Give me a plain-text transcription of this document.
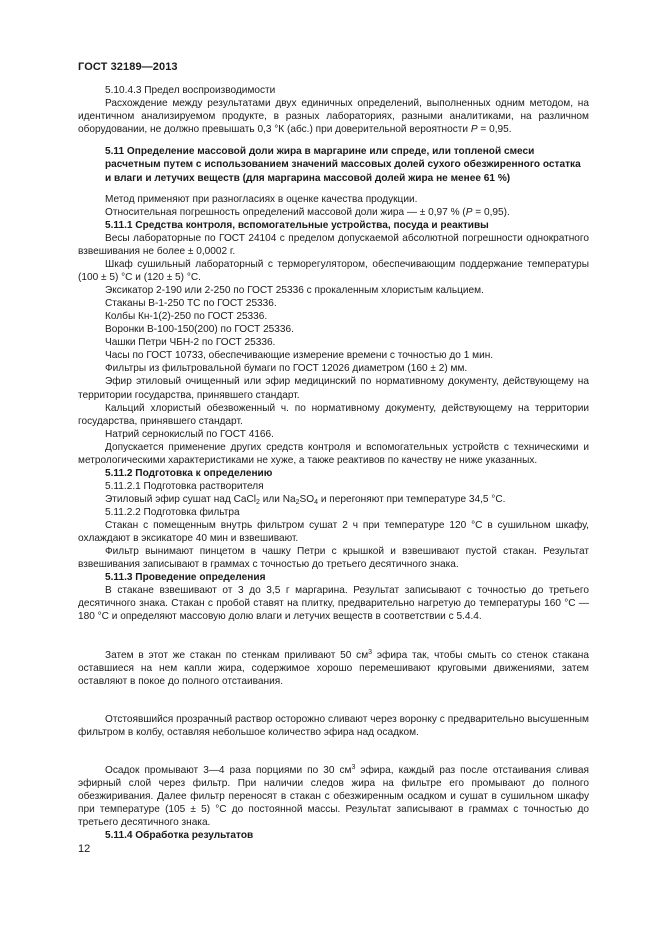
ГОСТ 32189—2013

5.10.4.3 Предел воспроизводимости

Расхождение между результатами двух единичных определений, выполненных одним методом, на идентичном анализируемом продукте, в разных лабораториях, разными аналитиками, на различном оборудовании, не должно превышать 0,3 °К (абс.) при доверительной вероятности Р = 0,95.

5.11 Определение массовой доли жира в маргарине или спреде, или топленой смеси расчетным путем с использованием значений массовых долей сухого обезжиренного остатка и влаги и летучих веществ (для маргарина массовой долей жира не менее 61 %)

Метод применяют при разногласиях в оценке качества продукции.

Относительная погрешность определений массовой доли жира — ± 0,97 % (Р = 0,95).

5.11.1 Средства контроля, вспомогательные устройства, посуда и реактивы

Весы лабораторные по ГОСТ 24104 с пределом допускаемой абсолютной погрешности однократного взвешивания не более ± 0,0002 г.

Шкаф сушильный лабораторный с терморегулятором, обеспечивающим поддержание температуры (100 ± 5) °С и (120 ± 5) °С.

Эксикатор 2-190 или 2-250 по ГОСТ 25336 с прокаленным хлористым кальцием.

Стаканы В-1-250 ТС по ГОСТ 25336.

Колбы Кн-1(2)-250 по ГОСТ 25336.

Воронки В-100-150(200) по ГОСТ 25336.

Чашки Петри ЧБН-2 по ГОСТ 25336.

Часы по ГОСТ 10733, обеспечивающие измерение времени с точностью до 1 мин.

Фильтры из фильтровальной бумаги по ГОСТ 12026 диаметром (160 ± 2) мм.

Эфир этиловый очищенный или эфир медицинский по нормативному документу, действующему на территории государства, принявшего стандарт.

Кальций хлористый обезвоженный ч. по нормативному документу, действующему на территории государства, принявшего стандарт.

Натрий сернокислый по ГОСТ 4166.

Допускается применение других средств контроля и вспомогательных устройств с техническими и метрологическими характеристиками не хуже, а также реактивов по качеству не ниже указанных.

5.11.2 Подготовка к определению

5.11.2.1 Подготовка растворителя

Этиловый эфир сушат над CaCl$_2$ или $Na_2SO_4$ и перегоняют при температуре 34,5 °С.

5.11.2.2 Подготовка фильтра

Стакан с помещенным внутрь фильтром сушат 2 ч при температуре 120 °С в сушильном шкафу, охлаждают в эксикаторе 40 мин и взвешивают.

Фильтр вынимают пинцетом в чашку Петри с крышкой и взвешивают пустой стакан. Результат взвешивания записывают в граммах с точностью до третьего десятичного знака.

5.11.3 Проведение определения

В стакане взвешивают от 3 до 3,5 г маргарина. Результат записывают с точностью до третьего десятичного знака. Стакан с пробой ставят на плитку, предварительно нагретую до температуры 160 °С — 180 °С и определяют массовую долю влаги и летучих веществ в соответствии с 5.4.4.

Затем в этот же стакан по стенкам приливают 50 $см^3$ эфира так, чтобы смыть со стенок стакана оставшиеся на нем капли жира, содержимое хорошо перемешивают круговыми движениями, затем оставляют в покое до полного отстаивания.

Отстоявшийся прозрачный раствор осторожно сливают через воронку с предварительно высушенным фильтром в колбу, оставляя небольшое количество эфира над осадком.

Осадок промывают 3—4 раза порциями по 30 $см^3$ эфира, каждый раз после отстаивания сливая эфирный слой через фильтр. При наличии следов жира на фильтре его промывают до полного обезжиривания. Далее фильтр переносят в стакан с обезжиренным осадком и сушат в сушильном шкафу при температуре (105 ± 5) °С до постоянной массы. Результат записывают в граммах с точностью до третьего десятичного знака.

5.11.4 Обработка результатов

12
